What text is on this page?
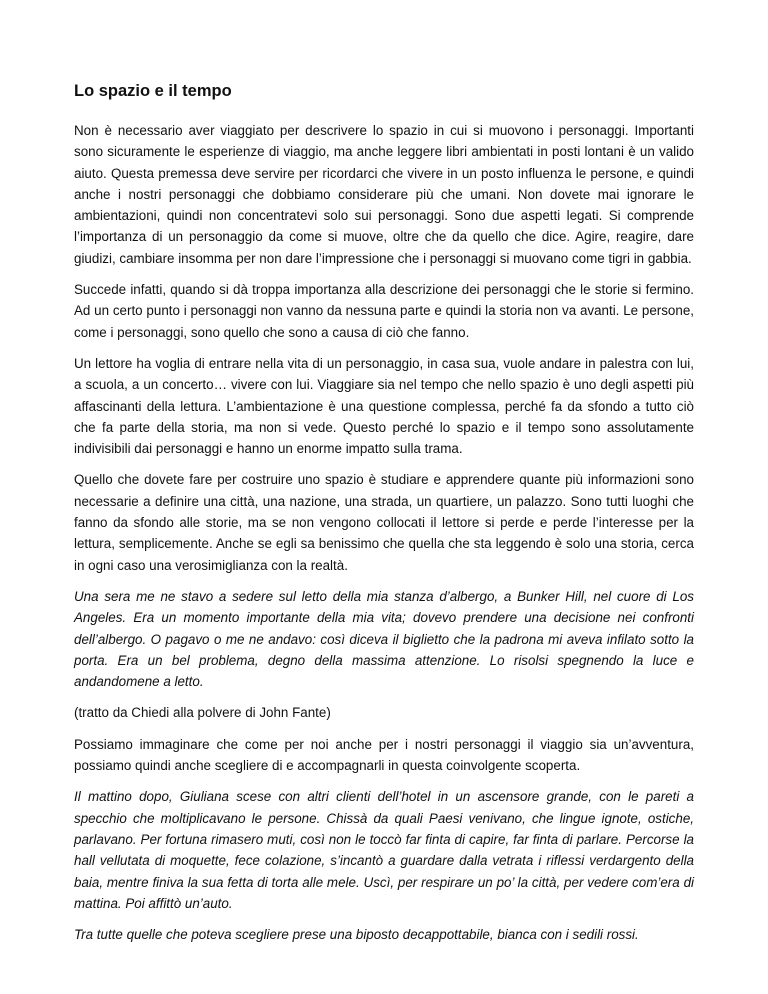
Lo spazio e il tempo

Non è necessario aver viaggiato per descrivere lo spazio in cui si muovono i personaggi. Importanti sono sicuramente le esperienze di viaggio, ma anche leggere libri ambientati in posti lontani è un valido aiuto. Questa premessa deve servire per ricordarci che vivere in un posto influenza le persone, e quindi anche i nostri personaggi che dobbiamo considerare più che umani. Non dovete mai ignorare le ambientazioni, quindi non concentratevi solo sui personaggi. Sono due aspetti legati. Si comprende l’importanza di un personaggio da come si muove, oltre che da quello che dice. Agire, reagire, dare giudizi, cambiare insomma per non dare l’impressione che i personaggi si muovano come tigri in gabbia.

Succede infatti, quando si dà troppa importanza alla descrizione dei personaggi che le storie si fermino. Ad un certo punto i personaggi non vanno da nessuna parte e quindi la storia non va avanti. Le persone, come i personaggi, sono quello che sono a causa di ciò che fanno.

Un lettore ha voglia di entrare nella vita di un personaggio, in casa sua, vuole andare in palestra con lui, a scuola, a un concerto… vivere con lui. Viaggiare sia nel tempo che nello spazio è uno degli aspetti più affascinanti della lettura. L’ambientazione è una questione complessa, perché fa da sfondo a tutto ciò che fa parte della storia, ma non si vede. Questo perché lo spazio e il tempo sono assolutamente indivisibili dai personaggi e hanno un enorme impatto sulla trama.

Quello che dovete fare per costruire uno spazio è studiare e apprendere quante più informazioni sono necessarie a definire una città, una nazione, una strada, un quartiere, un palazzo. Sono tutti luoghi che fanno da sfondo alle storie, ma se non vengono collocati il lettore si perde e perde l’interesse per la lettura, semplicemente. Anche se egli sa benissimo che quella che sta leggendo è solo una storia, cerca in ogni caso una verosimiglianza con la realtà.

Una sera me ne stavo a sedere sul letto della mia stanza d’albergo, a Bunker Hill, nel cuore di Los Angeles. Era un momento importante della mia vita; dovevo prendere una decisione nei confronti dell’albergo. O pagavo o me ne andavo: così diceva il biglietto che la padrona mi aveva infilato sotto la porta. Era un bel problema, degno della massima attenzione. Lo risolsi spegnendo la luce e andandomene a letto.

(tratto da Chiedi alla polvere di John Fante)

Possiamo immaginare che come per noi anche per i nostri personaggi il viaggio sia un’avventura, possiamo quindi anche scegliere di e accompagnarli in questa coinvolgente scoperta.

Il mattino dopo, Giuliana scese con altri clienti dell’hotel in un ascensore grande, con le pareti a specchio che moltiplicavano le persone. Chissà da quali Paesi venivano, che lingue ignote, ostiche, parlavano. Per fortuna rimasero muti, così non le toccò far finta di capire, far finta di parlare. Percorse la hall vellutata di moquette, fece colazione, s’incantò a guardare dalla vetrata i riflessi verdargento della baia, mentre finiva la sua fetta di torta alle mele. Uscì, per respirare un po’ la città, per vedere com’era di mattina. Poi affittò un’auto.

Tra tutte quelle che poteva scegliere prese una biposto decappottabile, bianca con i sedili rossi.
